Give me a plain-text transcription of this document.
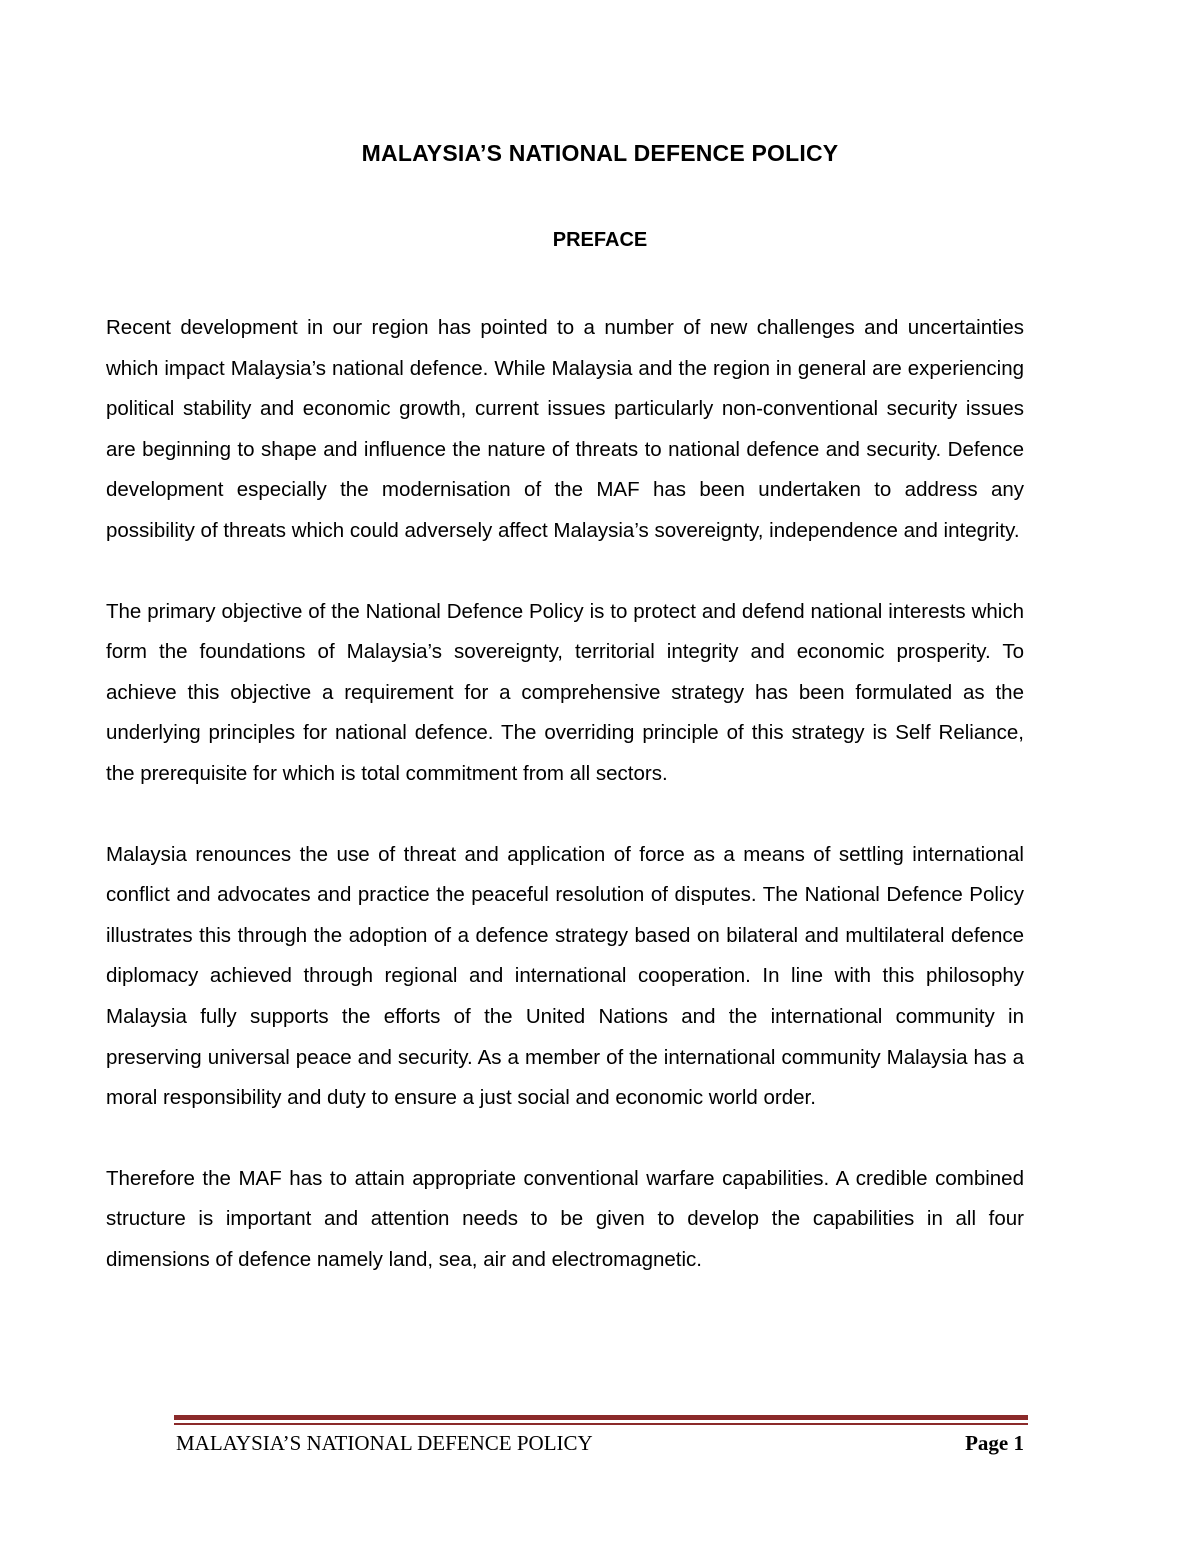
MALAYSIA’S NATIONAL DEFENCE POLICY
PREFACE

Recent development in our region has pointed to a number of new challenges and uncertainties which impact Malaysia’s national defence. While Malaysia and the region in general are experiencing political stability and economic growth, current issues particularly non-conventional security issues are beginning to shape and influence the nature of threats to national defence and security. Defence development especially the modernisation of the MAF has been undertaken to address any possibility of threats which could adversely affect Malaysia’s sovereignty, independence and integrity.

The primary objective of the National Defence Policy is to protect and defend national interests which form the foundations of Malaysia’s sovereignty, territorial integrity and economic prosperity. To achieve this objective a requirement for a comprehensive strategy has been formulated as the underlying principles for national defence. The overriding principle of this strategy is Self Reliance, the prerequisite for which is total commitment from all sectors.

Malaysia renounces the use of threat and application of force as a means of settling international conflict and advocates and practice the peaceful resolution of disputes. The National Defence Policy illustrates this through the adoption of a defence strategy based on bilateral and multilateral defence diplomacy achieved through regional and international cooperation. In line with this philosophy Malaysia fully supports the efforts of the United Nations and the international community in preserving universal peace and security. As a member of the international community Malaysia has a moral responsibility and duty to ensure a just social and economic world order.

Therefore the MAF has to attain appropriate conventional warfare capabilities. A credible combined structure is important and attention needs to be given to develop the capabilities in all four dimensions of defence namely land, sea, air and electromagnetic.

MALAYSIA’S NATIONAL DEFENCE POLICY	Page 1
